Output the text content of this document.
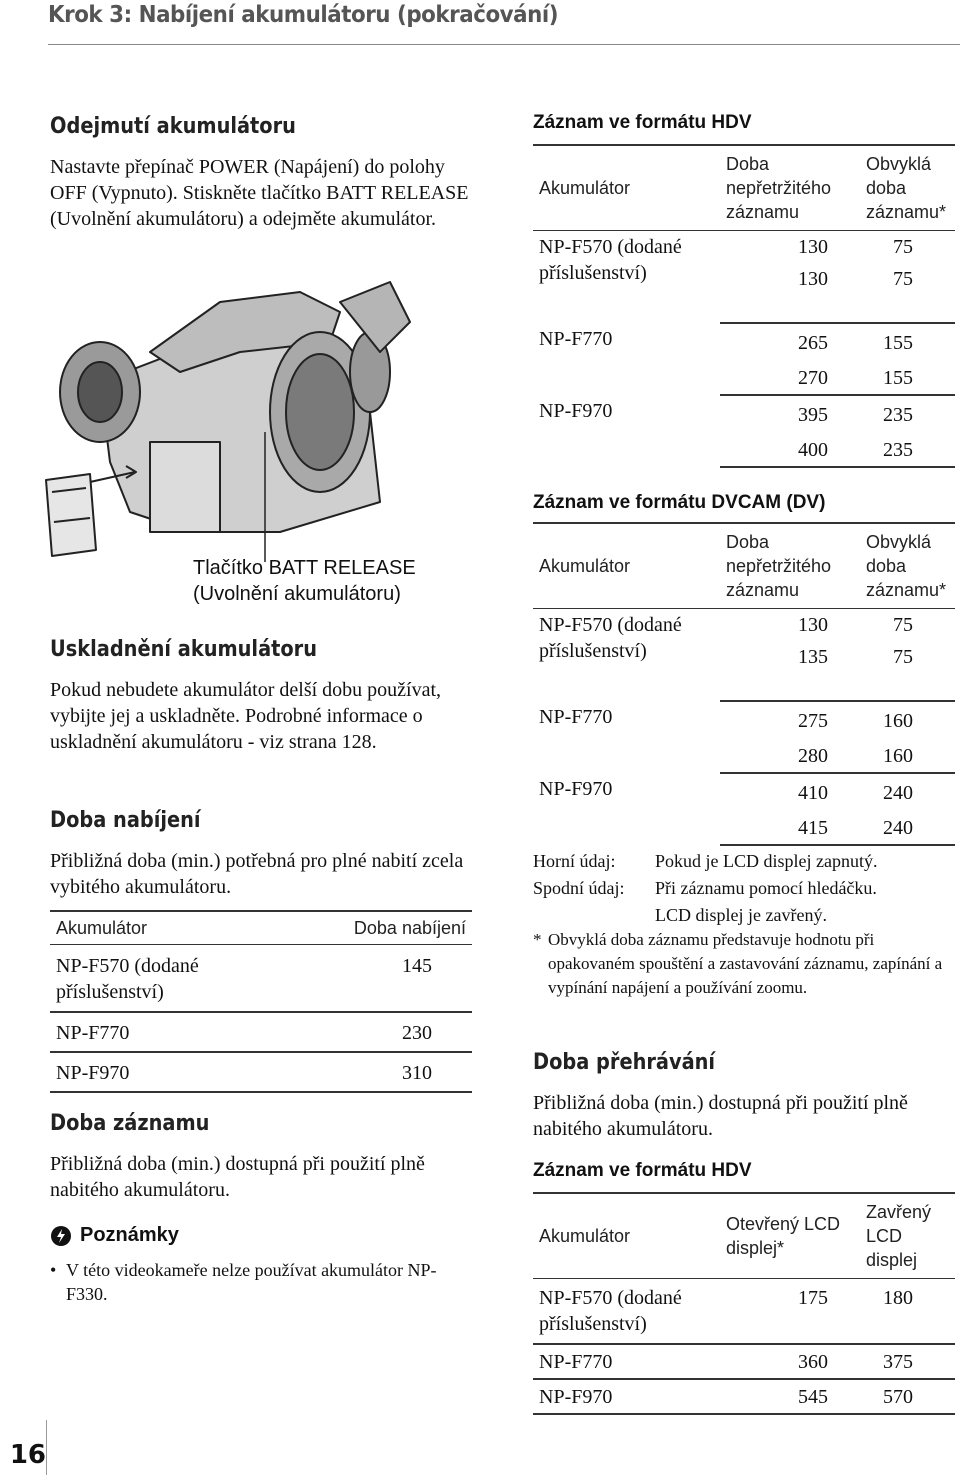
Krok 3: Nabíjení akumulátoru (pokračování)
Odejmutí akumulátoru

Nastavte přepínač POWER (Napájení) do polohy OFF (Vypnuto). Stiskněte tlačítko BATT RELEASE (Uvolnění akumulátoru) a odejměte akumulátor.

Tlačítko BATT RELEASE
(Uvolnění akumulátoru)
Uskladnění akumulátoru

Pokud nebudete akumulátor delší dobu používat, vybijte jej a uskladněte. Podrobné informace o uskladnění akumulátoru - viz strana 128.

Doba nabíjení

Přibližná doba (min.) potřebná pro plné nabití zcela vybitého akumulátoru.

Akumulátor	Doba nabíjení
NP-F570 (dodané příslušenství)	145
NP-F770	230
NP-F970	310
Doba záznamu

Přibližná doba (min.) dostupná při použití plně nabitého akumulátoru.

Poznámky
• V této videokameře nelze používat akumulátor NP-F330.
Záznam ve formátu HDV
Akumulátor	Doba nepřetržitého záznamu	Obvyklá doba záznamu*
NP-F570 (dodané příslušenství)	130	75
	130	75
NP-F770	265	155
	270	155
NP-F970	395	235
	400	235
Záznam ve formátu DVCAM (DV)
Akumulátor	Doba nepřetržitého záznamu	Obvyklá doba záznamu*
NP-F570 (dodané příslušenství)	130	75
	135	75
NP-F770	275	160
	280	160
NP-F970	410	240
	415	240
Horní údaj: Pokud je LCD displej zapnutý.
Spodní údaj: Při záznamu pomocí hledáčku.
LCD displej je zavřený.
* Obvyklá doba záznamu představuje hodnotu při opakovaném spouštění a zastavování záznamu, zapínání a vypínání napájení a používání zoomu.
Doba přehrávání

Přibližná doba (min.) dostupná při použití plně nabitého akumulátoru.

Záznam ve formátu HDV
Akumulátor	Otevřený LCD displej*	Zavřený LCD displej
NP-F570 (dodané příslušenství)	175	180
NP-F770	360	375
NP-F970	545	570
16
